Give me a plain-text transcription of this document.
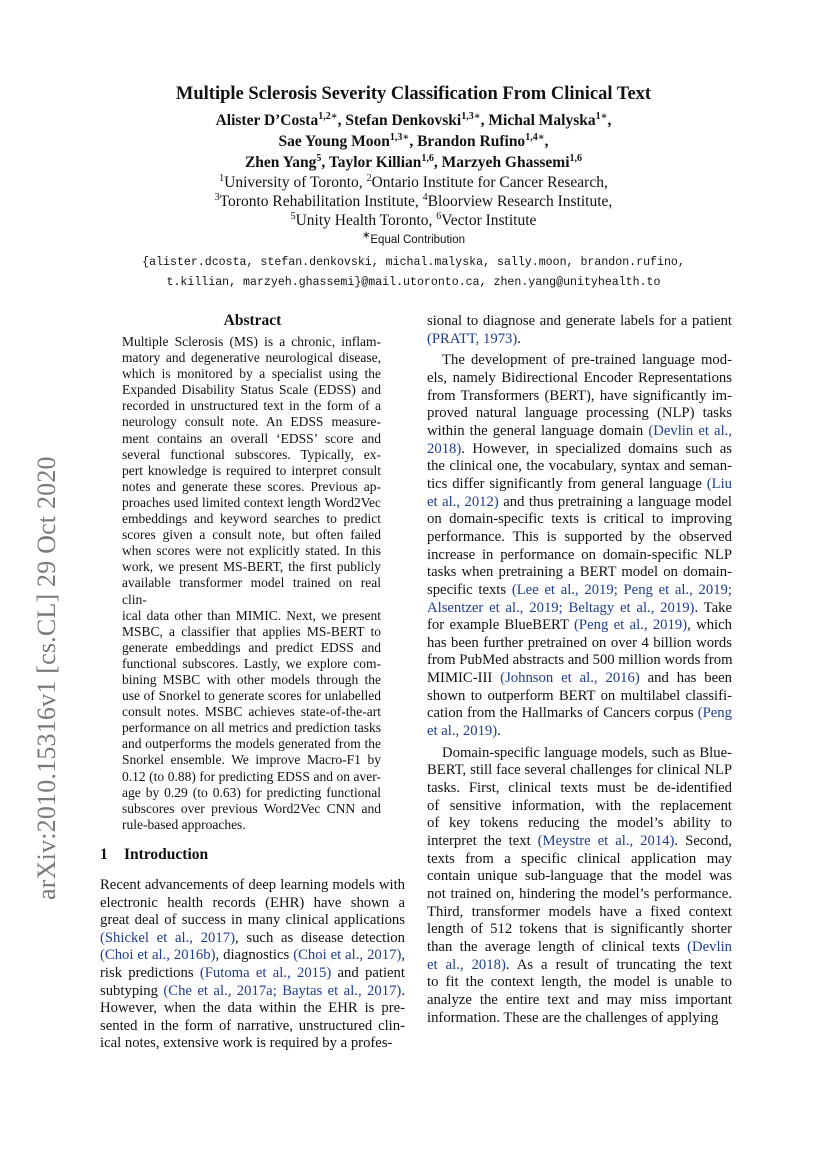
arXiv:2010.15316v1 [cs.CL] 29 Oct 2020
Multiple Sclerosis Severity Classification From Clinical Text
Alister D’Costa$^{1,2∗}$, Stefan Denkovski$^{1,3∗}$, Michal Malyska$^{1∗}$,
Sae Young Moon$^{1,3∗}$, Brandon Rufino$^{1,4∗}$,
Zhen Yang$^5$, Taylor Killian$^{1,6}$, Marzyeh Ghassemi$^{1,6}$
$^1$University of Toronto, $^2$Ontario Institute for Cancer Research,
$^3$Toronto Rehabilitation Institute, $^4$Bloorview Research Institute,
$^5$Unity Health Toronto, $^6$Vector Institute
∗Equal Contribution
{alister.dcosta, stefan.denkovski, michal.malyska, sally.moon, brandon.rufino,
t.killian, marzyeh.ghassemi}@mail.utoronto.ca, zhen.yang@unityhealth.to
Abstract
Multiple Sclerosis (MS) is a chronic, inflam-
matory and degenerative neurological disease,
which is monitored by a specialist using the
Expanded Disability Status Scale (EDSS) and
recorded in unstructured text in the form of a
neurology consult note. An EDSS measure-
ment contains an overall ‘EDSS’ score and
several functional subscores. Typically, ex-
pert knowledge is required to interpret consult
notes and generate these scores. Previous ap-
proaches used limited context length Word2Vec
embeddings and keyword searches to predict
scores given a consult note, but often failed
when scores were not explicitly stated. In this
work, we present MS-BERT, the first publicly
available transformer model trained on real clin-
ical data other than MIMIC. Next, we present
MSBC, a classifier that applies MS-BERT to
generate embeddings and predict EDSS and
functional subscores. Lastly, we explore com-
bining MSBC with other models through the
use of Snorkel to generate scores for unlabelled
consult notes. MSBC achieves state-of-the-art
performance on all metrics and prediction tasks
and outperforms the models generated from the
Snorkel ensemble. We improve Macro-F1 by
0.12 (to 0.88) for predicting EDSS and on aver-
age by 0.29 (to 0.63) for predicting functional
subscores over previous Word2Vec CNN and
rule-based approaches.
1 Introduction
Recent advancements of deep learning models with
electronic health records (EHR) have shown a
great deal of success in many clinical applications
(Shickel et al., 2017), such as disease detection
(Choi et al., 2016b), diagnostics (Choi et al., 2017),
risk predictions (Futoma et al., 2015) and patient
subtyping (Che et al., 2017a; Baytas et al., 2017).
However, when the data within the EHR is pre-
sented in the form of narrative, unstructured clin-
ical notes, extensive work is required by a profes-
sional to diagnose and generate labels for a patient
(PRATT, 1973).
The development of pre-trained language mod-
els, namely Bidirectional Encoder Representations
from Transformers (BERT), have significantly im-
proved natural language processing (NLP) tasks
within the general language domain (Devlin et al.,
2018). However, in specialized domains such as
the clinical one, the vocabulary, syntax and seman-
tics differ significantly from general language (Liu
et al., 2012) and thus pretraining a language model
on domain-specific texts is critical to improving
performance. This is supported by the observed
increase in performance on domain-specific NLP
tasks when pretraining a BERT model on domain-
specific texts (Lee et al., 2019; Peng et al., 2019;
Alsentzer et al., 2019; Beltagy et al., 2019). Take
for example BlueBERT (Peng et al., 2019), which
has been further pretrained on over 4 billion words
from PubMed abstracts and 500 million words from
MIMIC-III (Johnson et al., 2016) and has been
shown to outperform BERT on multilabel classifi-
cation from the Hallmarks of Cancers corpus (Peng
et al., 2019).
Domain-specific language models, such as Blue-
BERT, still face several challenges for clinical NLP
tasks. First, clinical texts must be de-identified
of sensitive information, with the replacement
of key tokens reducing the model’s ability to
interpret the text (Meystre et al., 2014). Second,
texts from a specific clinical application may
contain unique sub-language that the model was
not trained on, hindering the model’s performance.
Third, transformer models have a fixed context
length of 512 tokens that is significantly shorter
than the average length of clinical texts (Devlin
et al., 2018). As a result of truncating the text
to fit the context length, the model is unable to
analyze the entire text and may miss important
information. These are the challenges of applying
